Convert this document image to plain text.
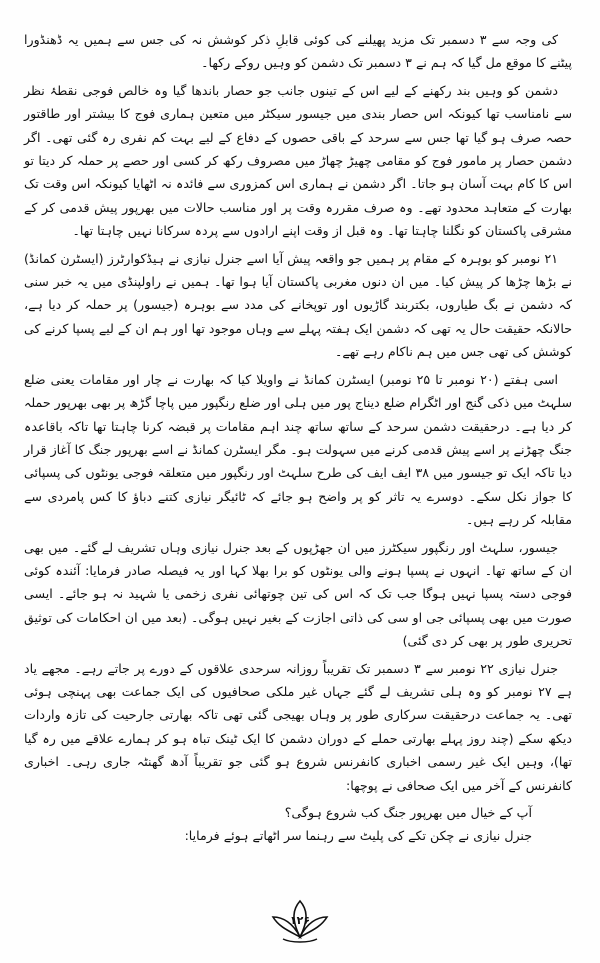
کی وجہ سے ۳ دسمبر تک مزید پھیلنے کی کوئی قابلِ ذکر کوشش نہ کی جس سے ہمیں یہ ڈھنڈورا پیٹنے کا موقع مل گیا کہ ہم نے ۳ دسمبر تک دشمن کو وہیں روکے رکھا۔

دشمن کو وہیں بند رکھنے کے لیے اس کے تینوں جانب جو حصار باندھا گیا وہ خالص فوجی نقطۂ نظر سے نامناسب تھا کیونکہ اس حصار بندی میں جیسور سیکٹر میں متعین ہماری فوج کا بیشتر اور طاقتور حصہ صرف ہو گیا تھا جس سے سرحد کے باقی حصوں کے دفاع کے لیے بہت کم نفری رہ گئی تھی۔ اگر دشمن حصار پر مامور فوج کو مقامی چھیڑ چھاڑ میں مصروف رکھ کر کسی اور حصے پر حملہ کر دیتا تو اس کا کام بہت آسان ہو جاتا۔ اگر دشمن نے ہماری اس کمزوری سے فائدہ نہ اٹھایا کیونکہ اس وقت تک بھارت کے متعاہد محدود تھے۔ وہ صرف مقررہ وقت پر اور مناسب حالات میں بھرپور پیش قدمی کر کے مشرقی پاکستان کو نگلنا چاہتا تھا۔ وہ قبل از وقت اپنے ارادوں سے پردہ سرکانا نہیں چاہتا تھا۔

۲۱ نومبر کو بوہرہ کے مقام پر ہمیں جو واقعہ پیش آیا اسے جنرل نیازی نے ہیڈکوارٹرز (ایسٹرن کمانڈ) نے بڑھا چڑھا کر پیش کیا۔ میں ان دنوں مغربی پاکستان آیا ہوا تھا۔ ہمیں نے راولپنڈی میں یہ خبر سنی کہ دشمن نے بگ طیاروں، بکتربند گاڑیوں اور توپخانے کی مدد سے بوہرہ (جیسور) پر حملہ کر دیا ہے، حالانکہ حقیقت حال یہ تھی کہ دشمن ایک ہفتہ پہلے سے وہاں موجود تھا اور ہم ان کے لیے پسپا کرنے کی کوشش کی تھی جس میں ہم ناکام رہے تھے۔

اسی ہفتے (۲۰ نومبر تا ۲۵ نومبر) ایسٹرن کمانڈ نے واویلا کیا کہ بھارت نے چار اور مقامات یعنی ضلع سلہٹ میں ذکی گنج اور اٹگرام ضلع دیناج پور میں ہلی اور ضلع رنگپور میں پاچا گڑھ پر بھی بھرپور حملہ کر دیا ہے۔ درحقیقت دشمن سرحد کے ساتھ ساتھ چند اہم مقامات پر قبضہ کرنا چاہتا تھا تاکہ باقاعدہ جنگ چھڑنے پر اسے پیش قدمی کرنے میں سہولت ہو۔ مگر ایسٹرن کمانڈ نے اسے بھرپور جنگ کا آغاز قرار دیا تاکہ ایک تو جیسور میں ۳۸ ایف ایف کی طرح سلہٹ اور رنگپور میں متعلقہ فوجی یونٹوں کی پسپائی کا جواز نکل سکے۔ دوسرے یہ تاثر کو پر واضح ہو جائے کہ ٹائیگر نیازی کتنے دباؤ کا کس پامردی سے مقابلہ کر رہے ہیں۔

جیسور، سلہٹ اور رنگپور سیکٹرز میں ان جھڑپوں کے بعد جنرل نیازی وہاں تشریف لے گئے۔ میں بھی ان کے ساتھ تھا۔ انہوں نے پسپا ہونے والی یونٹوں کو برا بھلا کہا اور یہ فیصلہ صادر فرمایا: آئندہ کوئی فوجی دستہ پسپا نہیں ہوگا جب تک کہ اس کی تین چوتھائی نفری زخمی یا شہید نہ ہو جائے۔ ایسی صورت میں بھی پسپائی جی او سی کی ذاتی اجازت کے بغیر نہیں ہوگی۔ (بعد میں ان احکامات کی توثیق تحریری طور پر بھی کر دی گئی)

جنرل نیازی ۲۲ نومبر سے ۳ دسمبر تک تقریباً روزانہ سرحدی علاقوں کے دورے پر جاتے رہے۔ مجھے یاد ہے ۲۷ نومبر کو وہ ہلی تشریف لے گئے جہاں غیر ملکی صحافیوں کی ایک جماعت بھی پہنچی ہوئی تھی۔ یہ جماعت درحقیقت سرکاری طور پر وہاں بھیجی گئی تھی تاکہ بھارتی جارحیت کی تازہ واردات دیکھ سکے (چند روز پہلے بھارتی حملے کے دوران دشمن کا ایک ٹینک تباہ ہو کر ہمارے علاقے میں رہ گیا تھا)، وہیں ایک غیر رسمی اخباری کانفرنس شروع ہو گئی جو تقریباً آدھ گھنٹہ جاری رہی۔ اخباری کانفرنس کے آخر میں ایک صحافی نے پوچھا:

آپ کے خیال میں بھرپور جنگ کب شروع ہوگی؟

جنرل نیازی نے چکن تکے کی پلیٹ سے رہنما سر اٹھاتے ہوئے فرمایا:

۱۲۶
